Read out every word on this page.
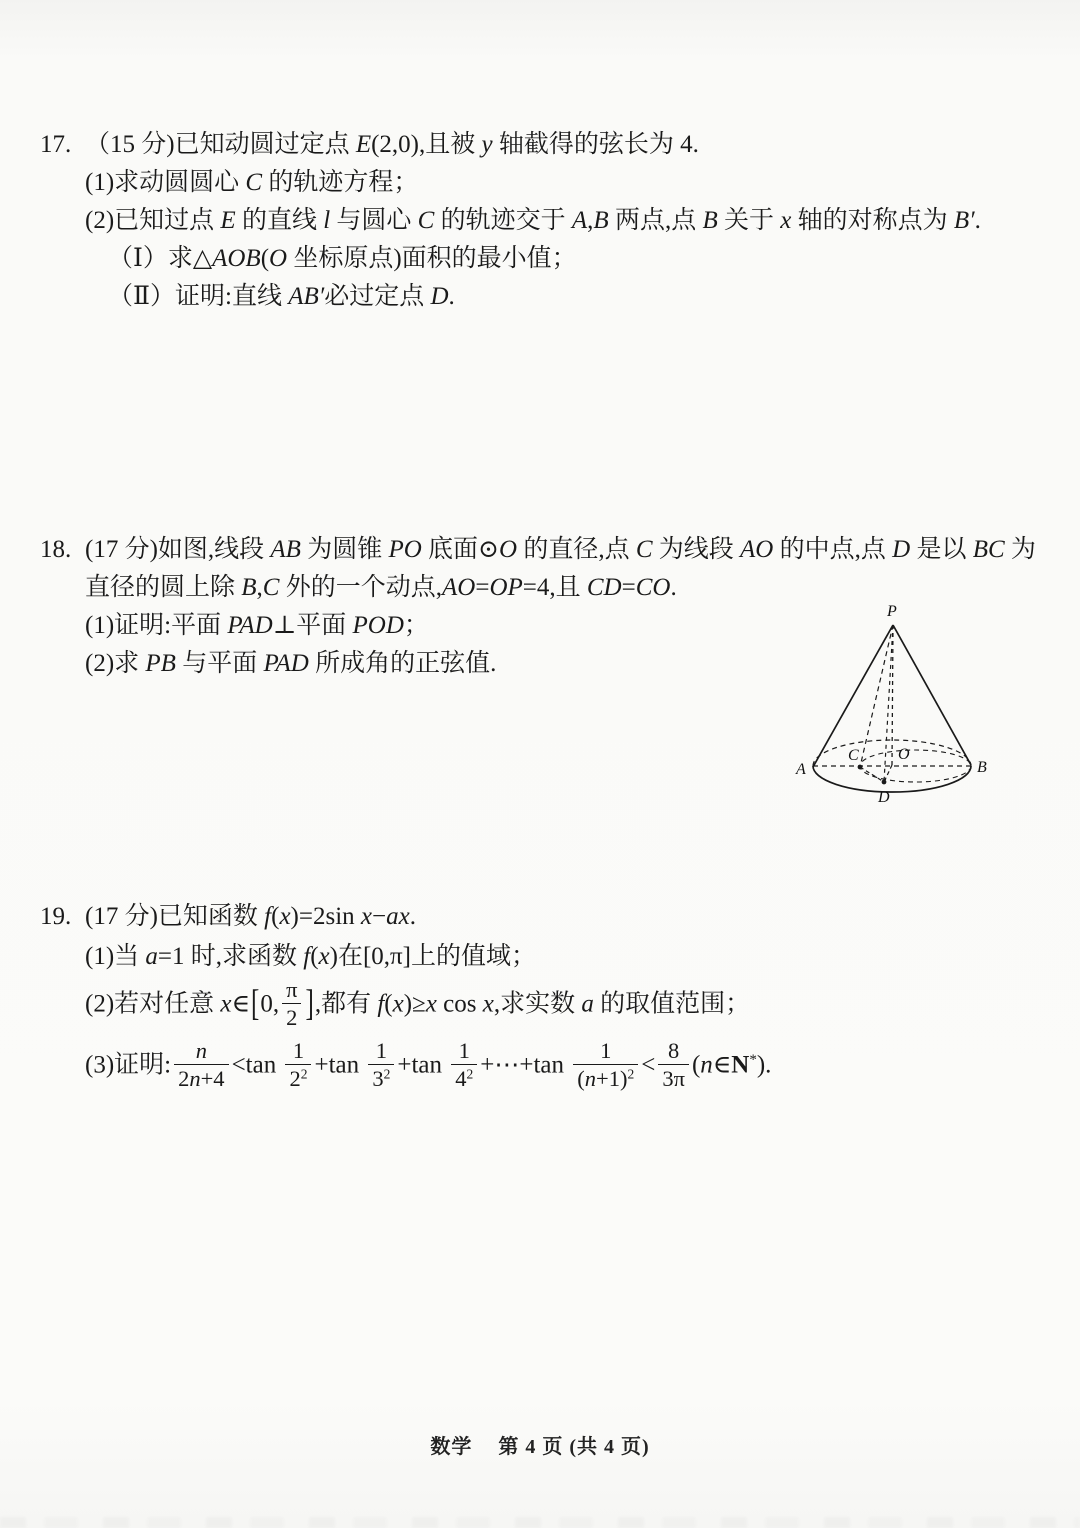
17. （15 分)已知动圆过定点 E(2,0),且被 y 轴截得的弦长为 4.
(1)求动圆圆心 C 的轨迹方程；
(2)已知过点 E 的直线 l 与圆心 C 的轨迹交于 A,B 两点,点 B 关于 x 轴的对称点为 B′.
（Ⅰ）求△AOB(O 坐标原点)面积的最小值；
（Ⅱ）证明:直线 AB′必过定点 D.
18. (17 分)如图,线段 AB 为圆锥 PO 底面⊙O 的直径,点 C 为线段 AO 的中点,点 D 是以 BC 为
直径的圆上除 B,C 外的一个动点,AO=OP=4,且 CD=CO.
(1)证明:平面 PAD⊥平面 POD；
(2)求 PB 与平面 PAD 所成角的正弦值.
P
A	B
C O
D
19. (17 分)已知函数 f(x)=2sin x−ax.
(1)当 a=1 时,求函数 f(x)在[0,π]上的值域；
(2)若对任意 x∈[0, $\frac{\pi}{2}$ ],都有 f(x)≥x cos x,求实数 a 的取值范围；
(3)证明: $\frac{n}{2n+4} <\tan \frac{1}{2^2} +\tan \frac{1}{3^2} +\tan \frac{1}{4^2}$ +⋯+tan $\frac{1}{(n+1)^2} < \frac{8}{3\pi}$ (n∈N*).
数学 第 4 页 (共 4 页)
